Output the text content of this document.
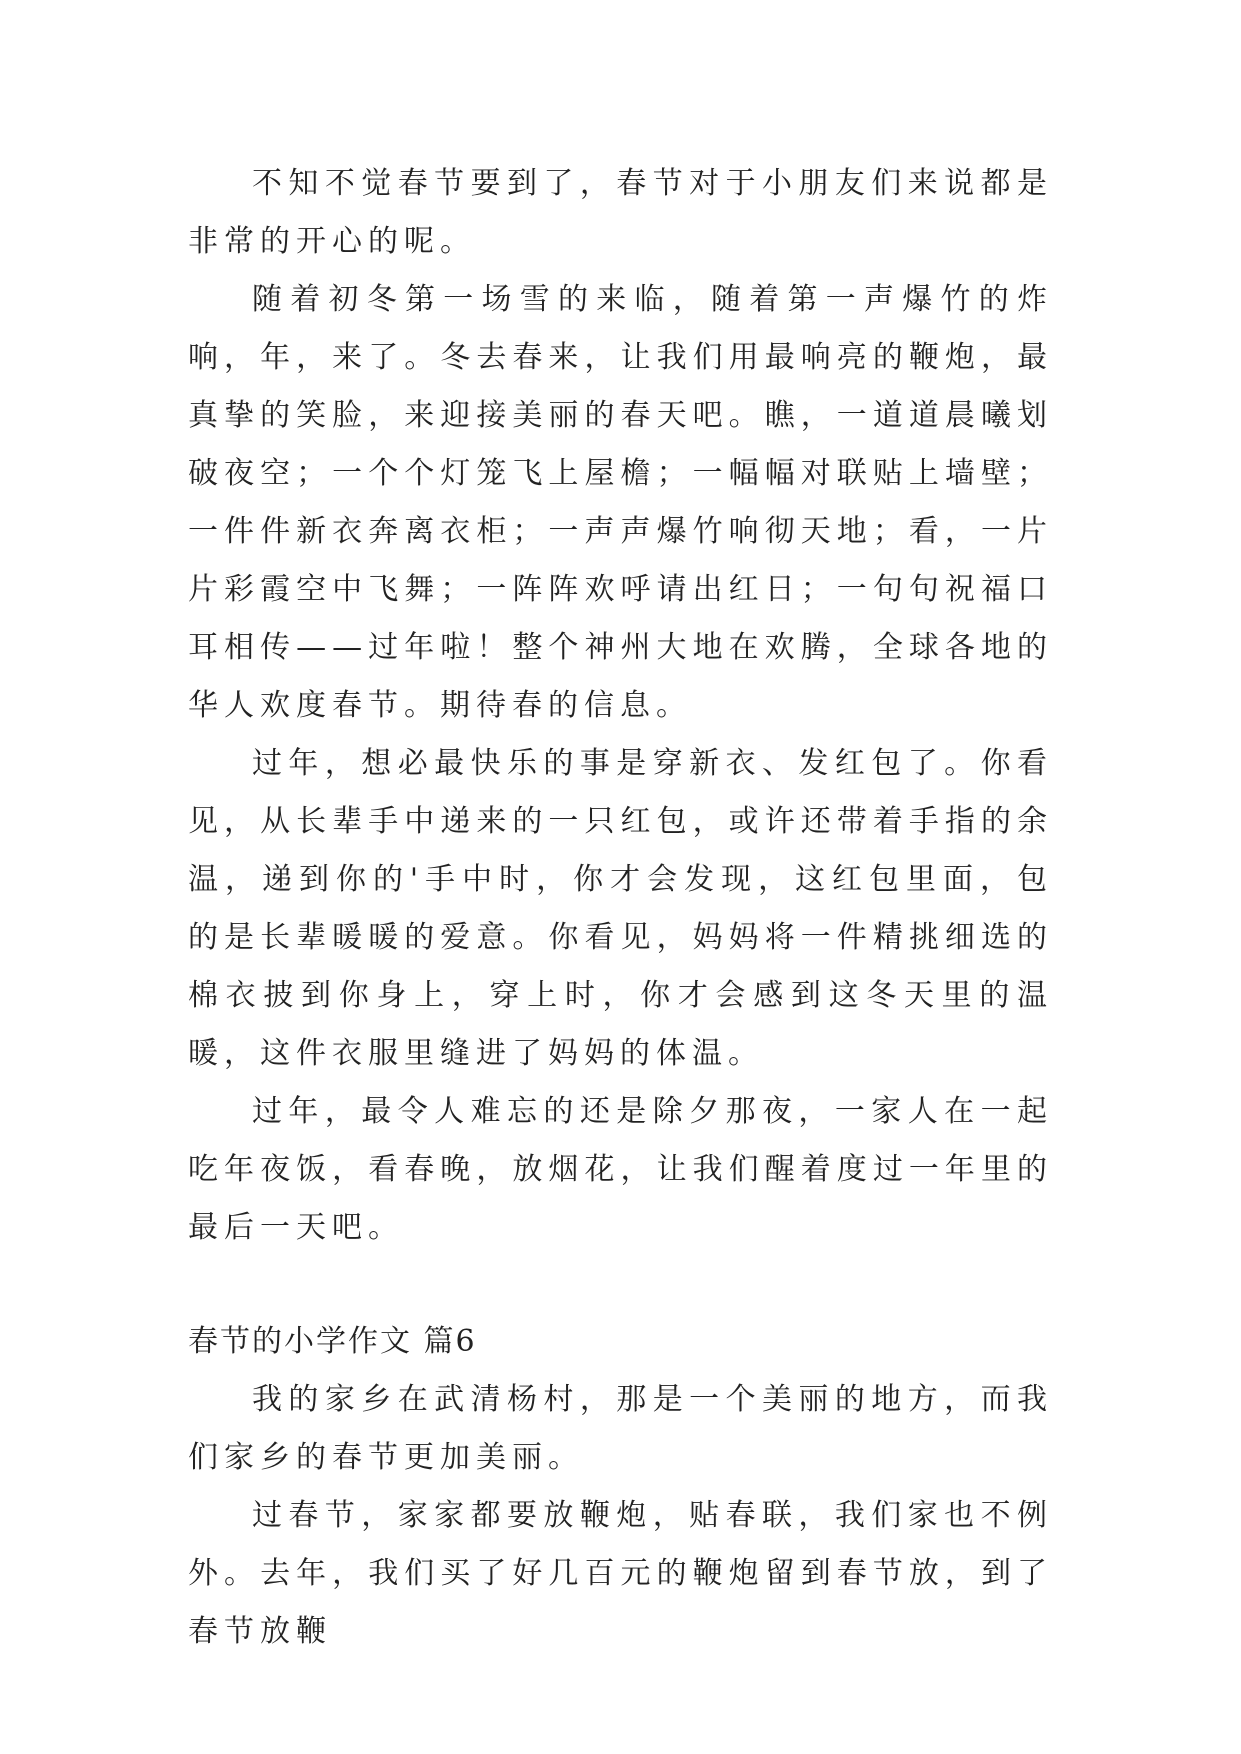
不知不觉春节要到了，春节对于小朋友们来说都是非常的开心的呢。

随着初冬第一场雪的来临，随着第一声爆竹的炸响，年，来了。冬去春来，让我们用最响亮的鞭炮，最真挚的笑脸，来迎接美丽的春天吧。瞧，一道道晨曦划破夜空；一个个灯笼飞上屋檐；一幅幅对联贴上墙壁；一件件新衣奔离衣柜；一声声爆竹响彻天地；看，一片片彩霞空中飞舞；一阵阵欢呼请出红日；一句句祝福口耳相传——过年啦！整个神州大地在欢腾，全球各地的华人欢度春节。期待春的信息。

过年，想必最快乐的事是穿新衣、发红包了。你看见，从长辈手中递来的一只红包，或许还带着手指的余温，递到你的'手中时，你才会发现，这红包里面，包的是长辈暖暖的爱意。你看见，妈妈将一件精挑细选的棉衣披到你身上，穿上时，你才会感到这冬天里的温暖，这件衣服里缝进了妈妈的体温。

过年，最令人难忘的还是除夕那夜，一家人在一起吃年夜饭，看春晚，放烟花，让我们醒着度过一年里的最后一天吧。

春节的小学作文 篇6

我的家乡在武清杨村，那是一个美丽的地方，而我们家乡的春节更加美丽。

过春节，家家都要放鞭炮，贴春联，我们家也不例外。去年，我们买了好几百元的鞭炮留到春节放，到了春节放鞭
